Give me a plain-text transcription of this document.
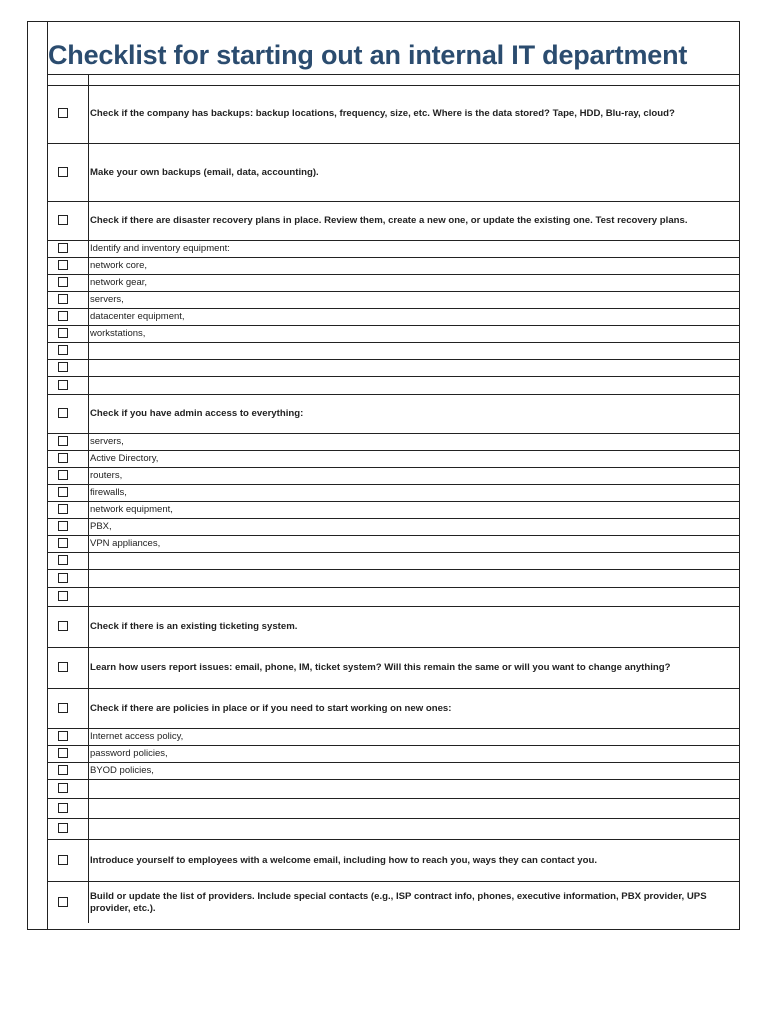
Checklist for starting out an internal IT department
Check if the company has backups: backup locations, frequency, size, etc. Where is the data stored? Tape, HDD, Blu-ray, cloud?
Make your own backups (email, data, accounting).
Check if there are disaster recovery plans in place. Review them, create a new one, or update the existing one. Test recovery plans.
Identify and inventory equipment:
network core,
network gear,
servers,
datacenter equipment,
workstations,
Check if you have admin access to everything:
servers,
Active Directory,
routers,
firewalls,
network equipment,
PBX,
VPN appliances,
Check if there is an existing ticketing system.
Learn how users report issues: email, phone, IM, ticket system? Will this remain the same or will you want to change anything?
Check if there are policies in place or if you need to start working on new ones:
Internet access policy,
password policies,
BYOD policies,
Introduce yourself to employees with a welcome email, including how to reach you, ways they can contact you.
Build or update the list of providers. Include special contacts (e.g., ISP contract info, phones, executive information, PBX provider, UPS provider, etc.).
